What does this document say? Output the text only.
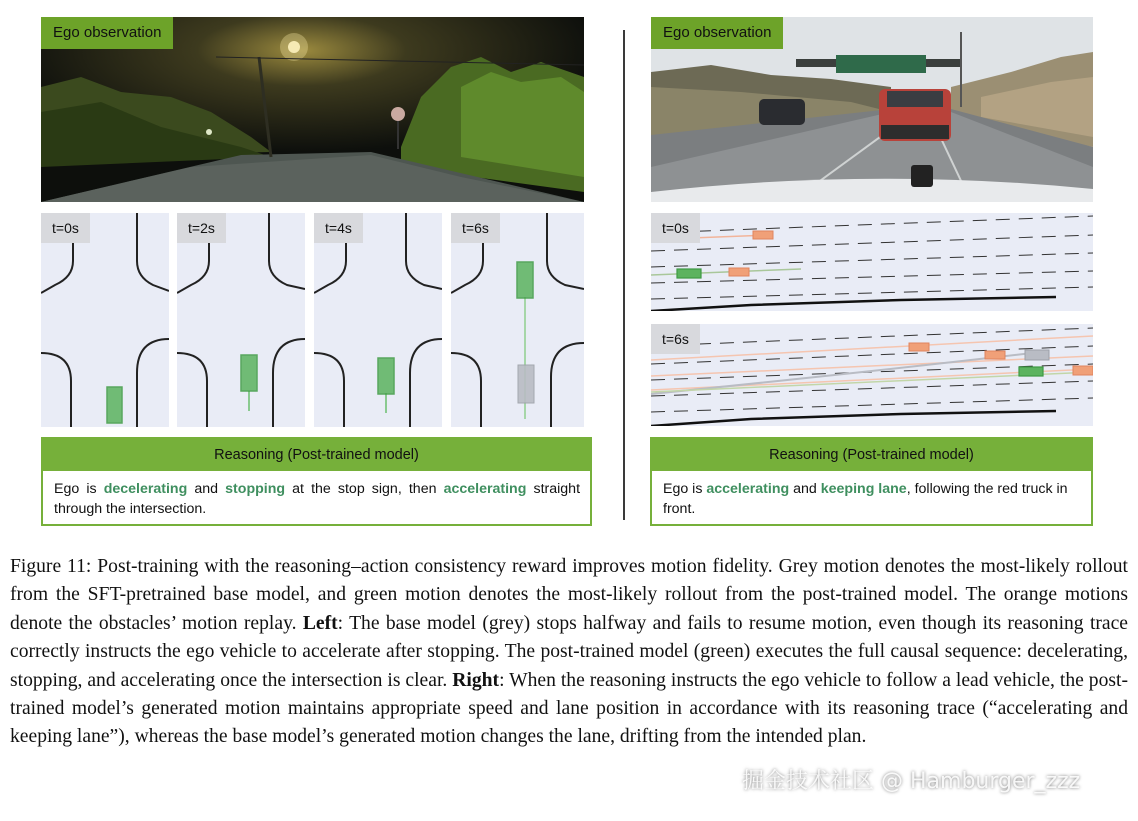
Ego observation
t=0s	t=2s	t=4s	t=6s
Reasoning (Post-trained model)
Ego is decelerating and stopping at the stop sign, then accelerating straight through the intersection.
Ego observation
t=0s
t=6s
Reasoning (Post-trained model)
Ego is accelerating and keeping lane, following the red truck in front.
Figure 11: Post-training with the reasoning–action consistency reward improves motion fidelity. Grey motion denotes the most-likely rollout from the SFT-pretrained base model, and green motion denotes the most-likely rollout from the post-trained model. The orange motions denote the obstacles’ motion replay. Left: The base model (grey) stops halfway and fails to resume motion, even though its reasoning trace correctly instructs the ego vehicle to accelerate after stopping. The post-trained model (green) executes the full causal sequence: decelerating, stopping, and accelerating once the intersection is clear. Right: When the reasoning instructs the ego vehicle to follow a lead vehicle, the post-trained model’s generated motion maintains appropriate speed and lane position in accordance with its reasoning trace (“accelerating and keeping lane”), whereas the base model’s generated motion changes the lane, drifting from the intended plan.
掘金技术社区 @ Hamburger_zzz
